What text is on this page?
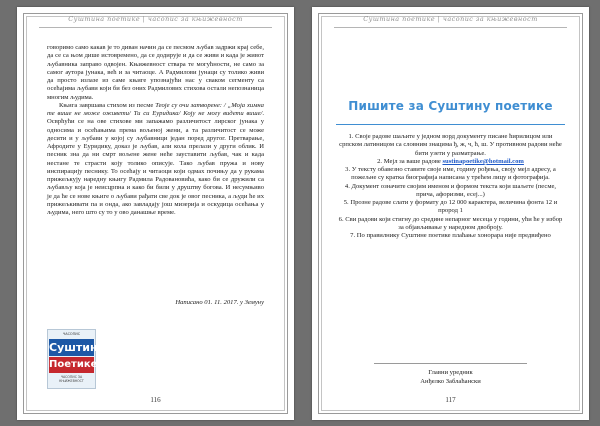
Суштина поетике | часопис за књижевност

говоримо само какав је то диван начин да се песмом љубав задржи крај себе, да се са њом дише истовремено, да се додирује и да се живи и када је живот љубавника заправо одвојен. Књижевност ствара те могућности, не само за самог аутора јунака, већ и за читаоце. А Радмилови јунаци су толико живи да просто излазе из саме књиге упознајући нас у сваком сегменту са осећајима љубави који би без оних Радмилових стихова остали непознаница многим људима.

Књига завршава стихом из песме Теоје су очи затворене: / „Моја химна те више не може оживети/ Ти си Еуридика/ Коју не могу видети више/. Осврћући се на ове стихове ми запажамо различитост лирског јунака у односима и осећањима према вољеној жени, а та различитост се може десити и у љубави у којој су љубавници један поред другог. Претварање, Афродите у Еуридику, доказ је љубав, али кола прелази у други облик. И песник зна да ни смрт вољене жене неће зауставити љубав, чак и када нестане те страсти коју толико описује. Тако љубав пружа и нову инспирацију песнику. То осећају и читаоци који одмах почињу да у рукама прижељкују наредну књигу Радмила Радовановића, како би се дружили са љубављу која је неисцрпна и како би били у друштву богова. И несумњиво је да ће се нове књиге о љубави рађати све док је овог песника, а људи ће их прижељкивати па и онда, ако завладају још мизерија и оскудица осећања у људима, него што су то у ово данашње време.

Написано 01. 11. 2017. у Земуну
ЧАСОПИС
Суштина
Поетике
ЧАСОПИС ЗА КЊИЖЕВНОСТ
116
Суштина поетике | часопис за књижевност
Пишите за Суштину поетике

1. Своје радове шаљите у једном ворд документу писане ћирилицом или српском латиницом са словним знацима ђ, ж, ч, ћ, ш. У противном радови неће бити узети у разматрање.

2. Мејл за ваше радове sustinapoetike@hotmail.com

3. У тексту обавезно ставите своје име, годину рођења, своју мејл адресу, а пожељне су кратка биографија написана у трећем лицу и фотографија.

4. Документ означите својим именом и формом текста који шаљете (песме, прича, афоризми, есеј...)

5. Прозне радове слати у формату до 12 000 карактера, величина фонта 12 и прород 1

6. Сви радови који стигну до средине непарног месеца у години, ући ће у избор за објављивање у наредном двоброју.

7. По правилнику Суштине поетике плаћање хонорара није предвиђено

Главни уредник
Анђелко Заблаћански
117
